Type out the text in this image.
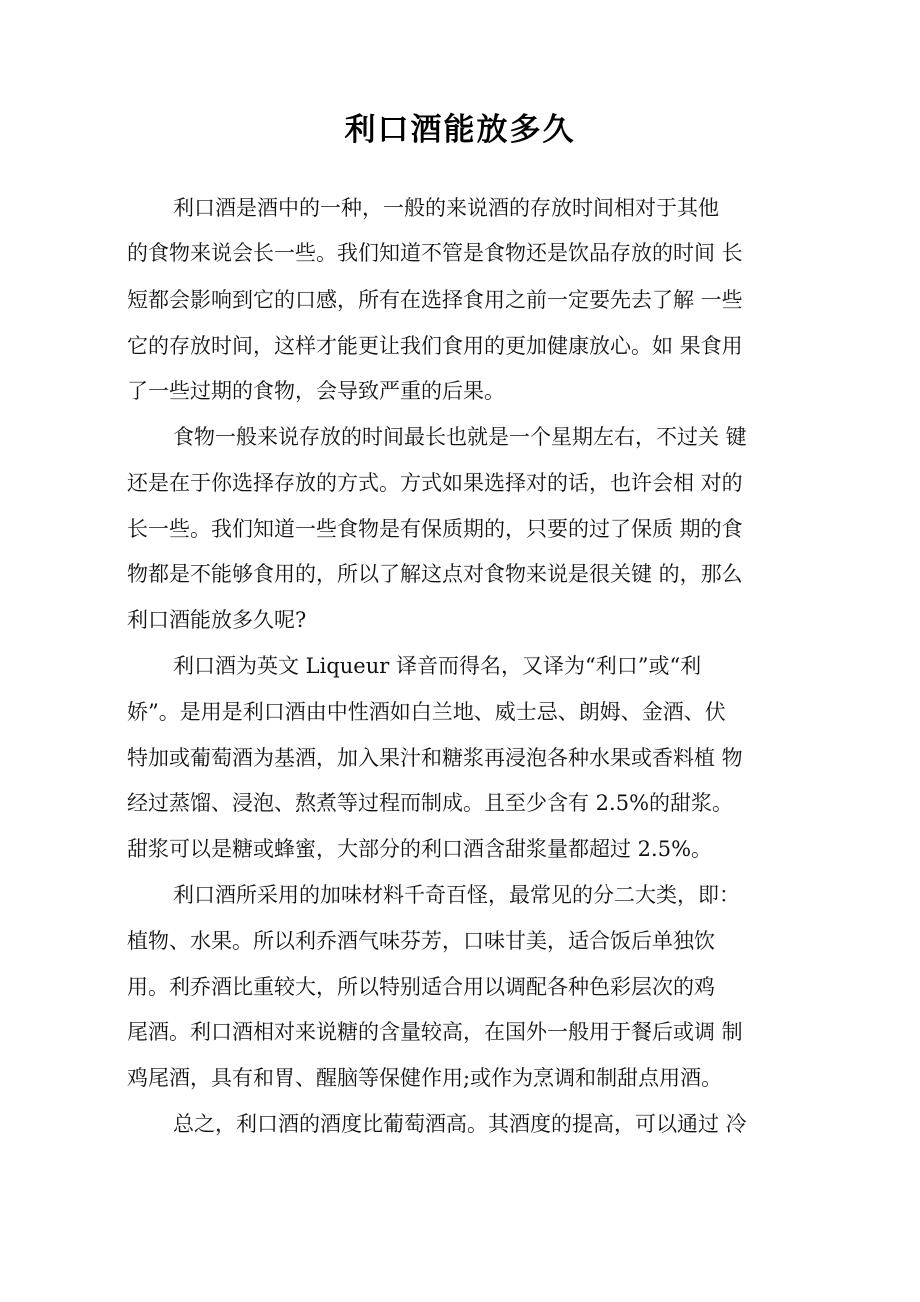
利口酒能放多久

利口酒是酒中的一种，一般的来说酒的存放时间相对于其他

的食物来说会长一些。我们知道不管是食物还是饮品存放的时间 长

短都会影响到它的口感，所有在选择食用之前一定要先去了解 一些

它的存放时间，这样才能更让我们食用的更加健康放心。如 果食用

了一些过期的食物，会导致严重的后果。

食物一般来说存放的时间最长也就是一个星期左右，不过关 键

还是在于你选择存放的方式。方式如果选择对的话，也许会相 对的

长一些。我们知道一些食物是有保质期的，只要的过了保质 期的食

物都是不能够食用的，所以了解这点对食物来说是很关键 的，那么

利口酒能放多久呢?

利口酒为英文 Liqueur 译音而得名，又译为“利口”或“利

娇”。是用是利口酒由中性酒如白兰地、威士忌、朗姆、金酒、伏

特加或葡萄酒为基酒，加入果汁和糖浆再浸泡各种水果或香料植 物

经过蒸馏、浸泡、熬煮等过程而制成。且至少含有 2.5%的甜浆。

甜浆可以是糖或蜂蜜，大部分的利口酒含甜浆量都超过 2.5%。

利口酒所采用的加味材料千奇百怪，最常见的分二大类，即：

植物、水果。所以利乔酒气味芬芳，口味甘美，适合饭后单独饮

用。利乔酒比重较大，所以特别适合用以调配各种色彩层次的鸡

尾酒。利口酒相对来说糖的含量较高，在国外一般用于餐后或调 制

鸡尾酒，具有和胃、醒脑等保健作用;或作为烹调和制甜点用酒。

总之，利口酒的酒度比葡萄酒高。其酒度的提高，可以通过 冷
